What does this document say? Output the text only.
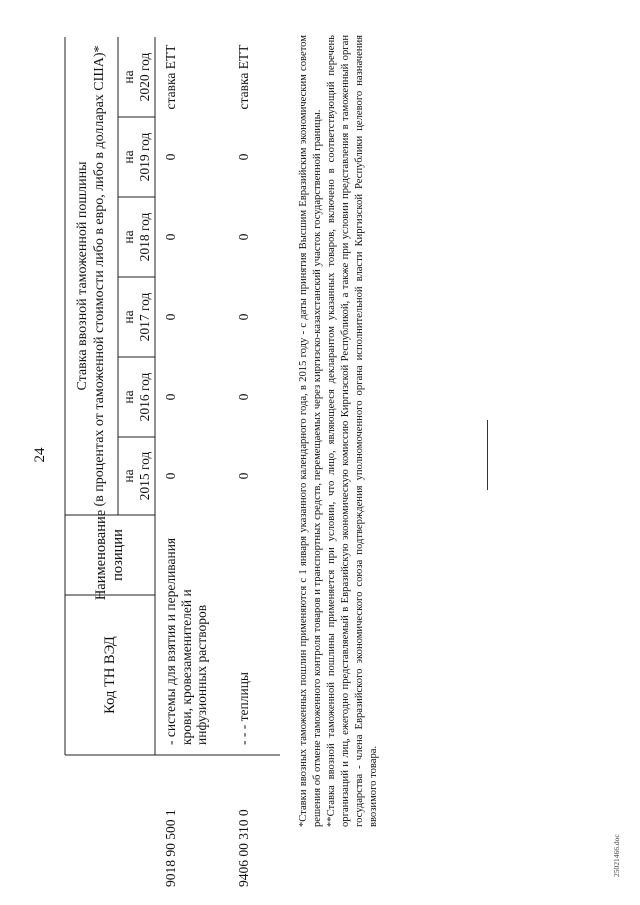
24
Код ТН ВЭД
Наименование позиции
Ставка ввозной таможенной пошлины (в процентах от таможенной стоимости либо в евро, либо в долларах США)* на 2015 год
на 2016 год
на 2017 год
на 2018 год
на 2019 год
на 2020 год
9018 90 500 1
- системы для взятия и переливания крови, кровезаменителей и инфузионных растворов
0
0
0
0
0
ставка ЕТТ
9406 00 310 0
- - - теплицы
0
0
0
0
0
ставка ЕТТ	*Ставки ввозных таможенных пошлин применяются с 1 января указанного календарного года, в 2015 году - с даты принятия Высшим Евразийским экономическим советом решения об отмене таможенного контроля товаров и транспортных средств, перемещаемых через киргизско-казахстанский участок государственной границы. **Ставка ввозной таможенной пошлины применяется при условии, что лицо, являющееся декларантом указанных товаров, включено в соответствующий перечень организаций и лиц, ежегодно представляемый в Евразийскую экономическую комиссию Киргизской Республикой, а также при условии представления в таможенный орган государства - члена Евразийского экономического союза подтверждения уполномоченного органа исполнительной власти Киргизской Республики целевого назначения ввозимого товара.

25021466.doc
